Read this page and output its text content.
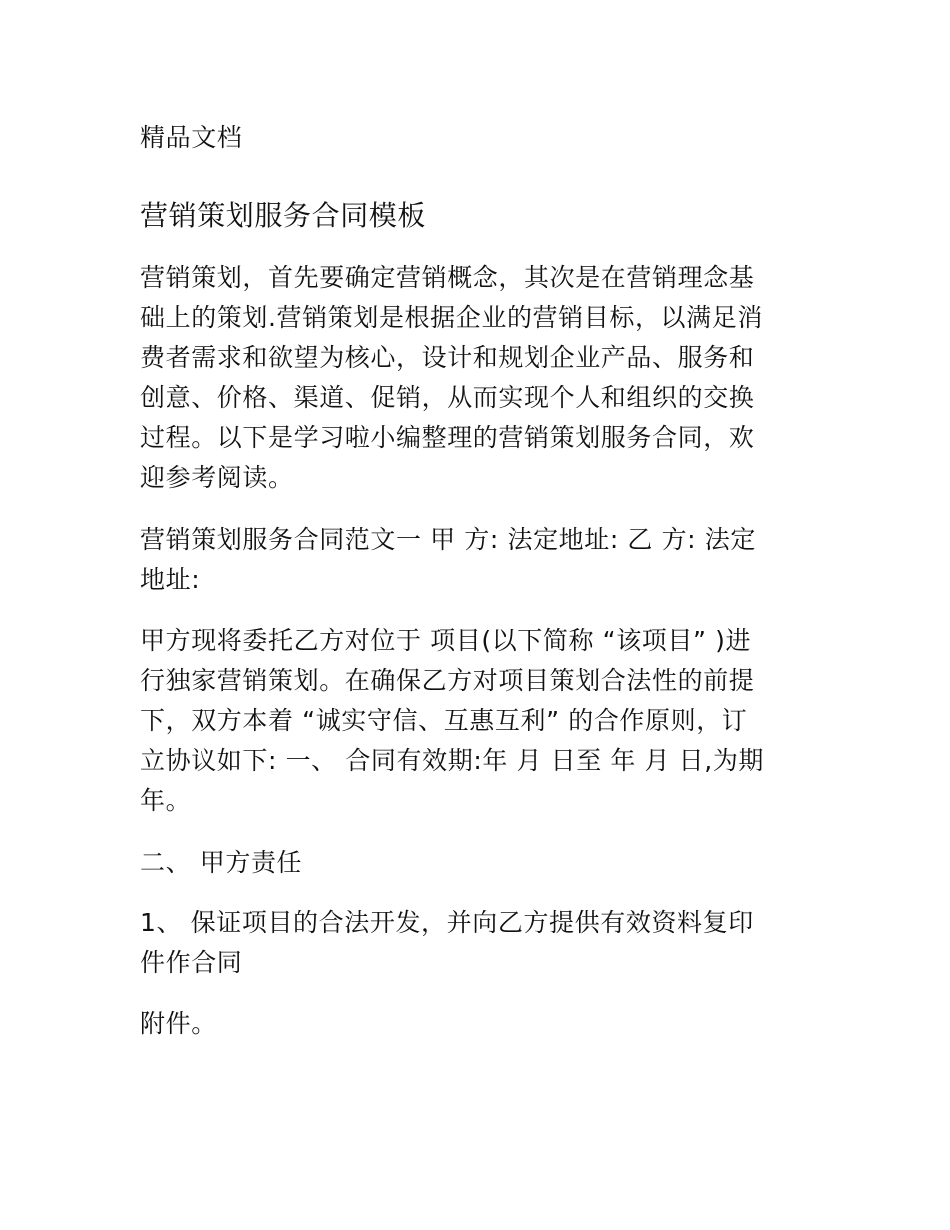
精品文档
营销策划服务合同模板
营销策划，首先要确定营销概念，其次是在营销理念基
础上的策划.营销策划是根据企业的营销目标，以满足消
费者需求和欲望为核心，设计和规划企业产品、服务和
创意、价格、渠道、促销，从而实现个人和组织的交换
过程。以下是学习啦小编整理的营销策划服务合同，欢
迎参考阅读。
营销策划服务合同范文一 甲 方: 法定地址: 乙 方: 法定
地址:
甲方现将委托乙方对位于 项目(以下简称 “该项目” )进
行独家营销策划。在确保乙方对项目策划合法性的前提
下，双方本着 “诚实守信、互惠互利” 的合作原则，订
立协议如下: 一、 合同有效期:年 月 日至 年 月 日,为期
年。
二、 甲方责任
1、 保证项目的合法开发，并向乙方提供有效资料复印
件作合同
附件。
